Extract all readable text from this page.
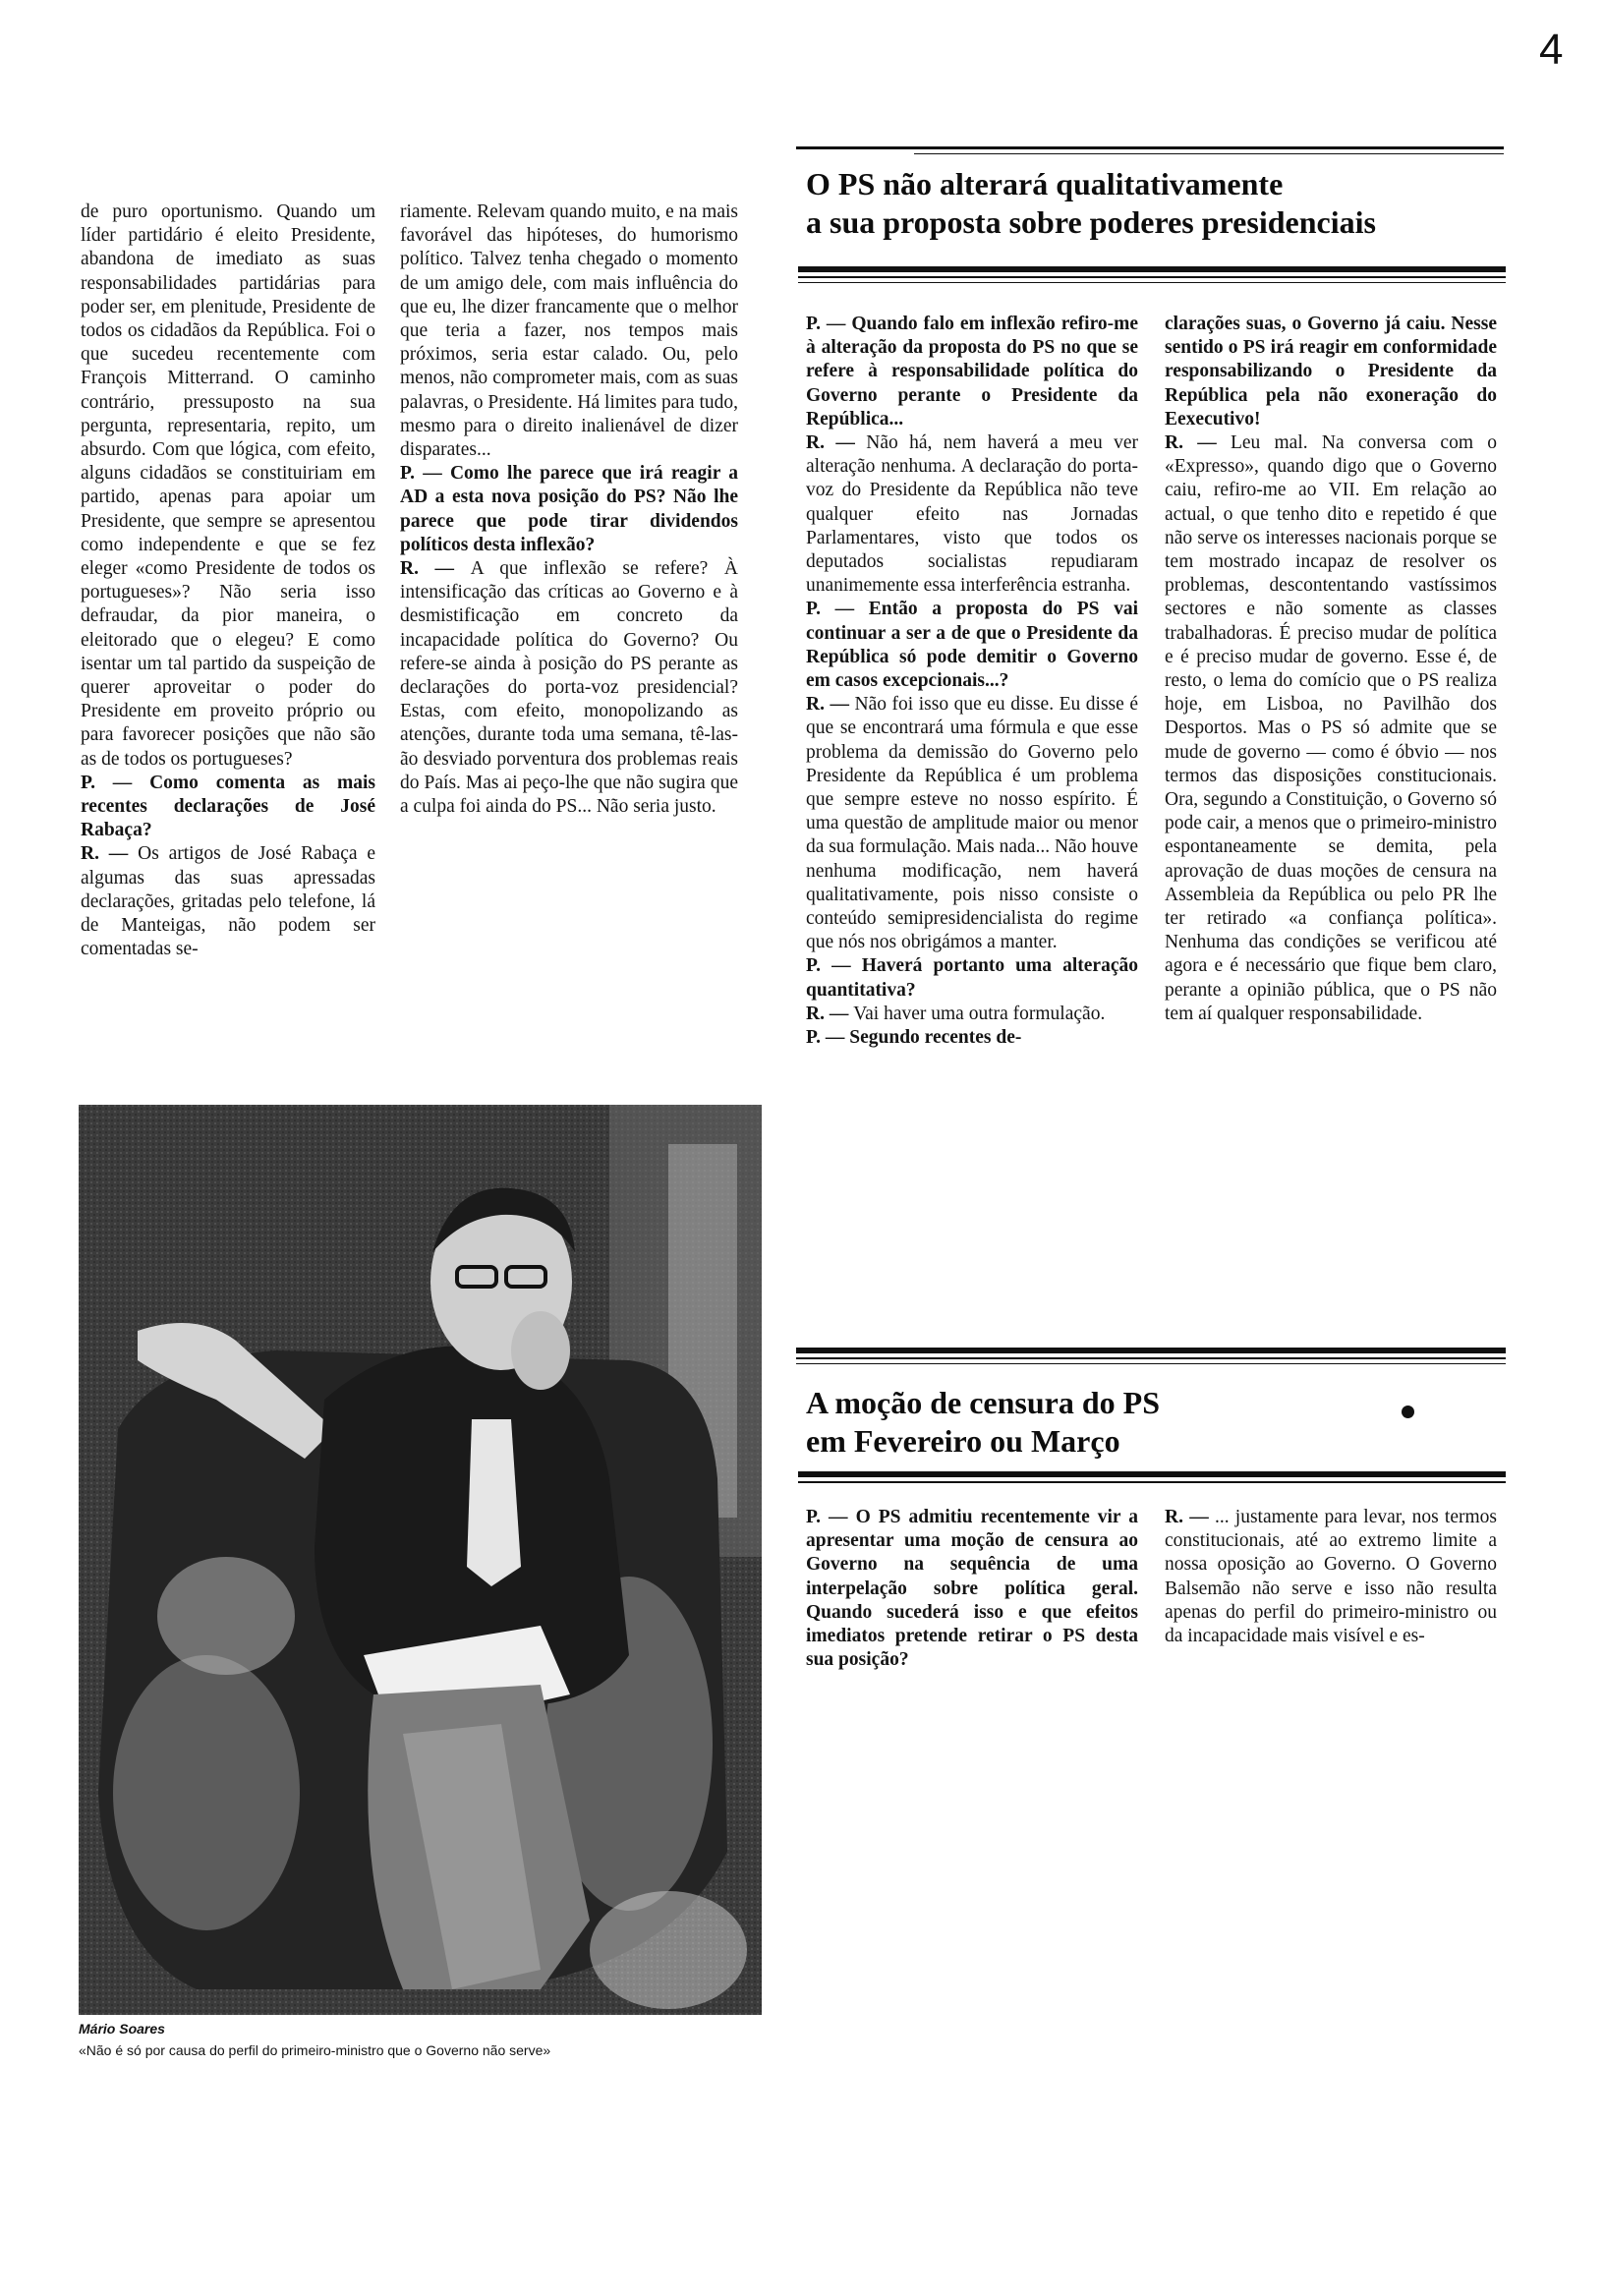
4

de puro oportunismo. Quando um líder partidário é eleito Presidente, abandona de imediato as suas responsabilidades partidárias para poder ser, em plenitude, Presidente de todos os cidadãos da República. Foi o que sucedeu recentemente com François Mitterrand. O caminho contrário, pressuposto na sua pergunta, representaria, repito, um absurdo. Com que lógica, com efeito, alguns cidadãos se constituiriam em partido, apenas para apoiar um Presidente, que sempre se apresentou como independente e que se fez eleger «como Presidente de todos os portugueses»? Não seria isso defraudar, da pior maneira, o eleitorado que o elegeu? E como isentar um tal partido da suspeição de querer aproveitar o poder do Presidente em proveito próprio ou para favorecer posições que não são as de todos os portugueses?

P. — Como comenta as mais recentes declarações de José Rabaça?

R. — Os artigos de José Rabaça e algumas das suas apressadas declarações, gritadas pelo telefone, lá de Manteigas, não podem ser comentadas se-

riamente. Relevam quando muito, e na mais favorável das hipóteses, do humorismo político. Talvez tenha chegado o momento de um amigo dele, com mais influência do que eu, lhe dizer francamente que o melhor que teria a fazer, nos tempos mais próximos, seria estar calado. Ou, pelo menos, não comprometer mais, com as suas palavras, o Presidente. Há limites para tudo, mesmo para o direito inalienável de dizer disparates...

P. — Como lhe parece que irá reagir a AD a esta nova posição do PS? Não lhe parece que pode tirar dividendos políticos desta inflexão?

R. — A que inflexão se refere? À intensificação das críticas ao Governo e à desmistificação em concreto da incapacidade política do Governo? Ou refere-se ainda à posição do PS perante as declarações do porta-voz presidencial? Estas, com efeito, monopolizando as atenções, durante toda uma semana, tê-las-ão desviado porventura dos problemas reais do País. Mas ai peço-lhe que não sugira que a culpa foi ainda do PS... Não seria justo.

Mário Soares
«Não é só por causa do perfil do primeiro-ministro que o Governo não serve»
O PS não alterará qualitativamente
a sua proposta sobre poderes presidenciais

P. — Quando falo em inflexão refiro-me à alteração da proposta do PS no que se refere à responsabilidade política do Governo perante o Presidente da República...

R. — Não há, nem haverá a meu ver alteração nenhuma. A declaração do porta-voz do Presidente da República não teve qualquer efeito nas Jornadas Parlamentares, visto que todos os deputados socialistas repudiaram unanimemente essa interferência estranha.

P. — Então a proposta do PS vai continuar a ser a de que o Presidente da República só pode demitir o Governo em casos excepcionais...?

R. — Não foi isso que eu disse. Eu disse é que se encontrará uma fórmula e que esse problema da demissão do Governo pelo Presidente da República é um problema que sempre esteve no nosso espírito. É uma questão de amplitude maior ou menor da sua formulação. Mais nada... Não houve nenhuma modificação, nem haverá qualitativamente, pois nisso consiste o conteúdo semipresidencialista do regime que nós nos obrigámos a manter.

P. — Haverá portanto uma alteração quantitativa?

R. — Vai haver uma outra formulação.

P. — Segundo recentes de-

clarações suas, o Governo já caiu. Nesse sentido o PS irá reagir em conformidade responsabilizando o Presidente da República pela não exoneração do Eexecutivo!

R. — Leu mal. Na conversa com o «Expresso», quando digo que o Governo caiu, refiro-me ao VII. Em relação ao actual, o que tenho dito e repetido é que não serve os interesses nacionais porque se tem mostrado incapaz de resolver os problemas, descontentando vastíssimos sectores e não somente as classes trabalhadoras. É preciso mudar de política e é preciso mudar de governo. Esse é, de resto, o lema do comício que o PS realiza hoje, em Lisboa, no Pavilhão dos Desportos. Mas o PS só admite que se mude de governo — como é óbvio — nos termos das disposições constitucionais. Ora, segundo a Constituição, o Governo só pode cair, a menos que o primeiro-ministro espontaneamente se demita, pela aprovação de duas moções de censura na Assembleia da República ou pelo PR lhe ter retirado «a confiança política». Nenhuma das condições se verificou até agora e é necessário que fique bem claro, perante a opinião pública, que o PS não tem aí qualquer responsabilidade.

A moção de censura do PS
em Fevereiro ou Março

P. — O PS admitiu recentemente vir a apresentar uma moção de censura ao Governo na sequência de uma interpelação sobre política geral. Quando sucederá isso e que efeitos imediatos pretende retirar o PS desta sua posição?

R. — ... justamente para levar, nos termos constitucionais, até ao extremo limite a nossa oposição ao Governo. O Governo Balsemão não serve e isso não resulta apenas do perfil do primeiro-ministro ou da incapacidade mais visível e es-
